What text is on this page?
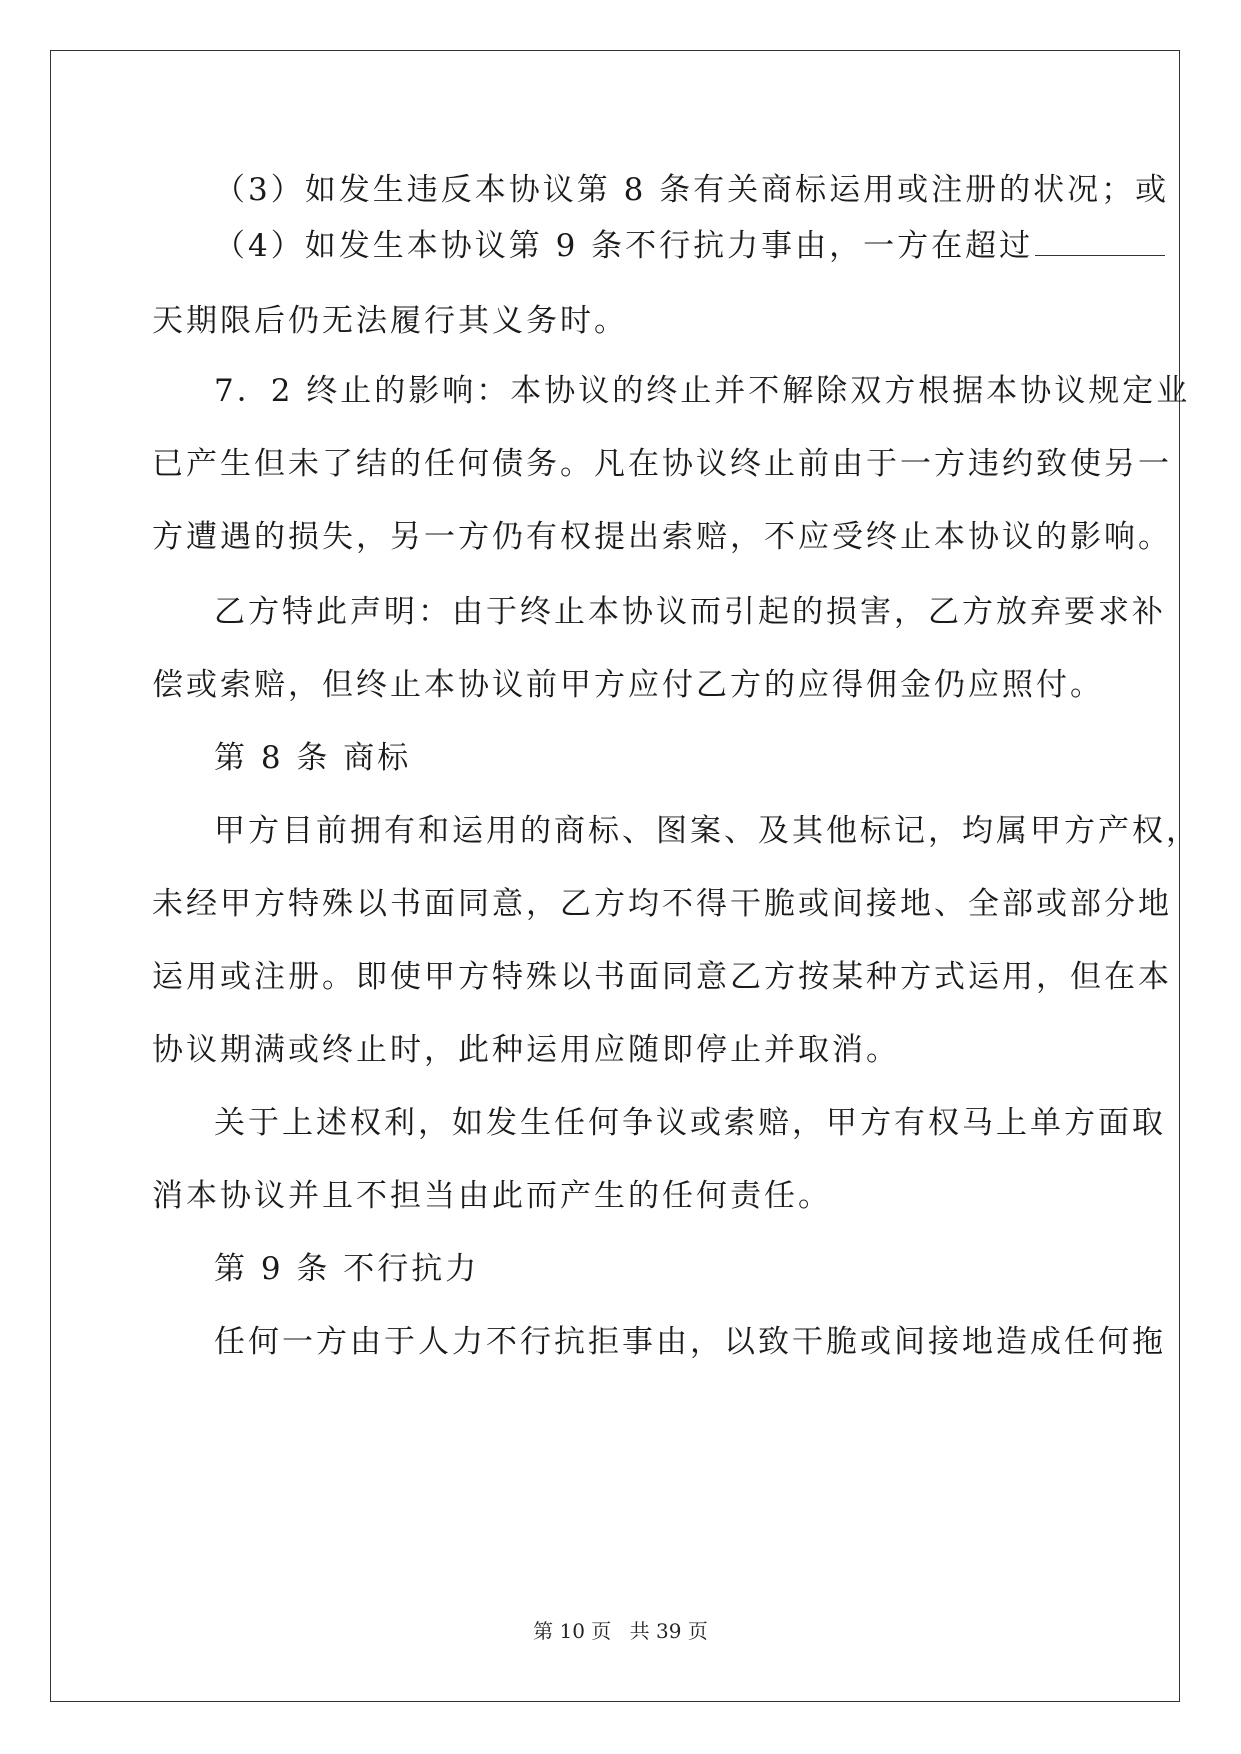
（3）如发生违反本协议第 8 条有关商标运用或注册的状况；或

（4）如发生本协议第 9 条不行抗力事由，一方在超过

天期限后仍无法履行其义务时。

7．2 终止的影响：本协议的终止并不解除双方根据本协议规定业

已产生但未了结的任何债务。凡在协议终止前由于一方违约致使另一

方遭遇的损失，另一方仍有权提出索赔，不应受终止本协议的影响。

乙方特此声明：由于终止本协议而引起的损害，乙方放弃要求补

偿或索赔，但终止本协议前甲方应付乙方的应得佣金仍应照付。

第 8 条 商标

甲方目前拥有和运用的商标、图案、及其他标记，均属甲方产权，

未经甲方特殊以书面同意，乙方均不得干脆或间接地、全部或部分地

运用或注册。即使甲方特殊以书面同意乙方按某种方式运用，但在本

协议期满或终止时，此种运用应随即停止并取消。

关于上述权利，如发生任何争议或索赔，甲方有权马上单方面取

消本协议并且不担当由此而产生的任何责任。

第 9 条 不行抗力

任何一方由于人力不行抗拒事由，以致干脆或间接地造成任何拖

第 10 页 共 39 页
